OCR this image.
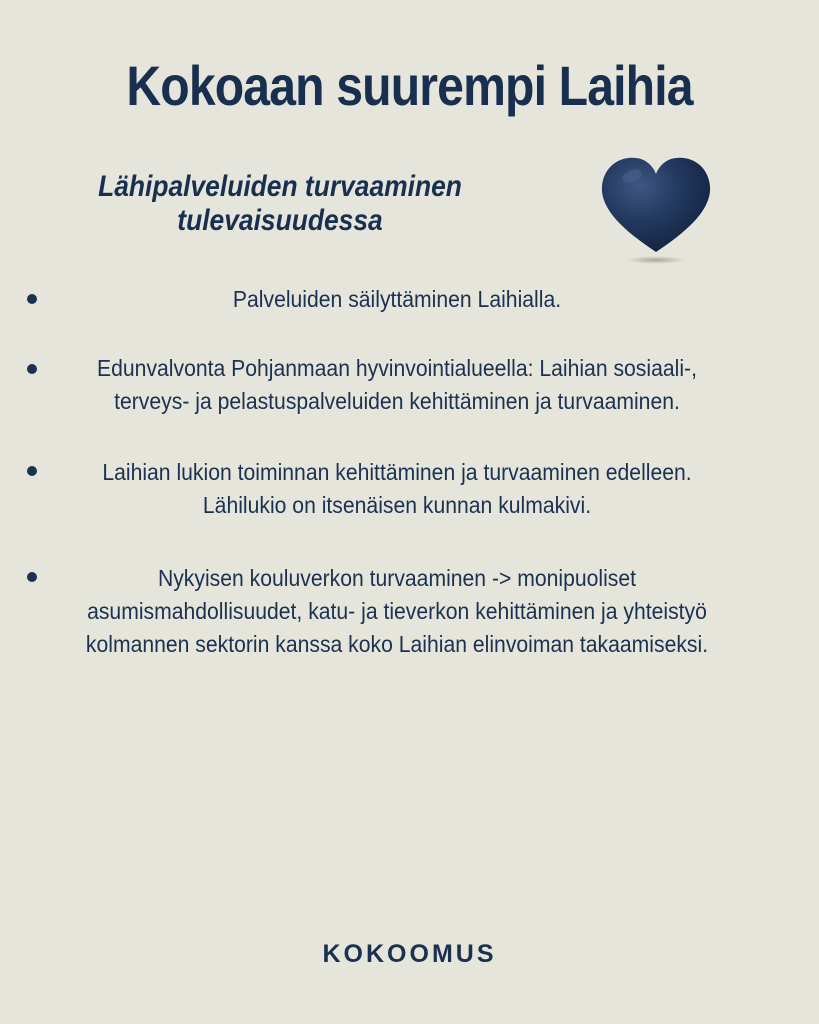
Kokoaan suurempi Laihia
Lähipalveluiden turvaaminen
tulevaisuudessa
Palveluiden säilyttäminen Laihialla.
Edunvalvonta Pohjanmaan hyvinvointialueella: Laihian sosiaali-, terveys- ja pelastuspalveluiden kehittäminen ja turvaaminen.
Laihian lukion toiminnan kehittäminen ja turvaaminen edelleen. Lähilukio on itsenäisen kunnan kulmakivi.
Nykyisen kouluverkon turvaaminen -> monipuoliset asumismahdollisuudet, katu- ja tieverkon kehittäminen ja yhteistyö kolmannen sektorin kanssa koko Laihian elinvoiman takaamiseksi.
KOKOOMUS
